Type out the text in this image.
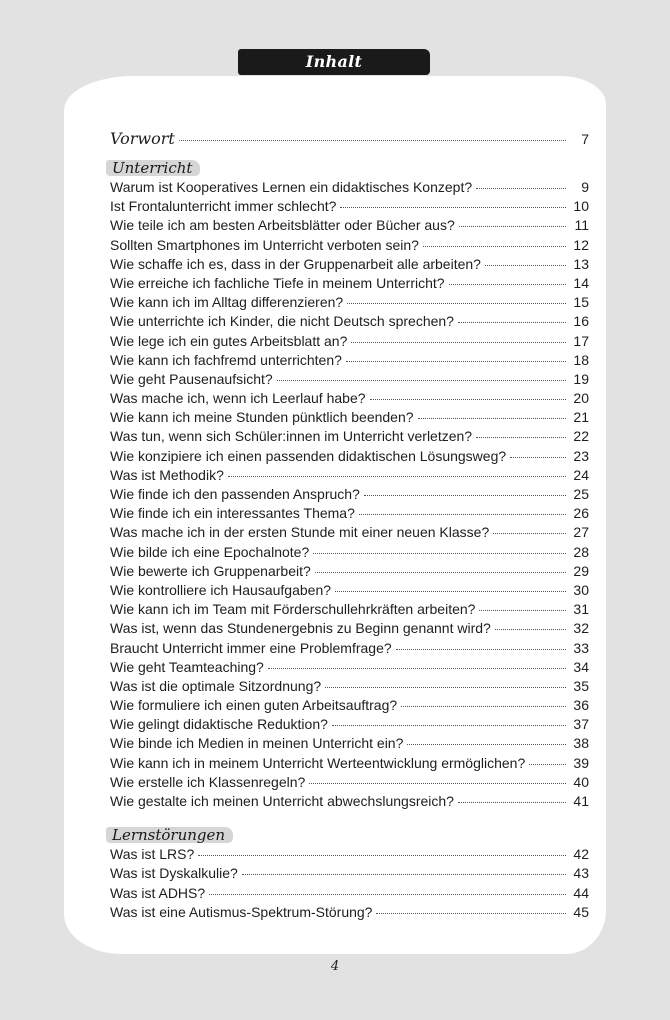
Inhalt
Vorwort	7
Unterricht
Warum ist Kooperatives Lernen ein didaktisches Konzept?	9
Ist Frontalunterricht immer schlecht?	10
Wie teile ich am besten Arbeitsblätter oder Bücher aus?	11
Sollten Smartphones im Unterricht verboten sein?	12
Wie schaffe ich es, dass in der Gruppenarbeit alle arbeiten?	13
Wie erreiche ich fachliche Tiefe in meinem Unterricht?	14
Wie kann ich im Alltag differenzieren?	15
Wie unterrichte ich Kinder, die nicht Deutsch sprechen?	16
Wie lege ich ein gutes Arbeitsblatt an?	17
Wie kann ich fachfremd unterrichten?	18
Wie geht Pausenaufsicht?	19
Was mache ich, wenn ich Leerlauf habe?	20
Wie kann ich meine Stunden pünktlich beenden?	21
Was tun, wenn sich Schüler:innen im Unterricht verletzen?	22
Wie konzipiere ich einen passenden didaktischen Lösungsweg?	23
Was ist Methodik?	24
Wie finde ich den passenden Anspruch?	25
Wie finde ich ein interessantes Thema?	26
Was mache ich in der ersten Stunde mit einer neuen Klasse?	27
Wie bilde ich eine Epochalnote?	28
Wie bewerte ich Gruppenarbeit?	29
Wie kontrolliere ich Hausaufgaben?	30
Wie kann ich im Team mit Förderschullehrkräften arbeiten?	31
Was ist, wenn das Stundenergebnis zu Beginn genannt wird?	32
Braucht Unterricht immer eine Problemfrage?	33
Wie geht Teamteaching?	34
Was ist die optimale Sitzordnung?	35
Wie formuliere ich einen guten Arbeitsauftrag?	36
Wie gelingt didaktische Reduktion?	37
Wie binde ich Medien in meinen Unterricht ein?	38
Wie kann ich in meinem Unterricht Werteentwicklung ermöglichen?	39
Wie erstelle ich Klassenregeln?	40
Wie gestalte ich meinen Unterricht abwechslungsreich?	41
Lernstörungen
Was ist LRS?	42
Was ist Dyskalkulie?	43
Was ist ADHS?	44
Was ist eine Autismus-Spektrum-Störung?	45
4
